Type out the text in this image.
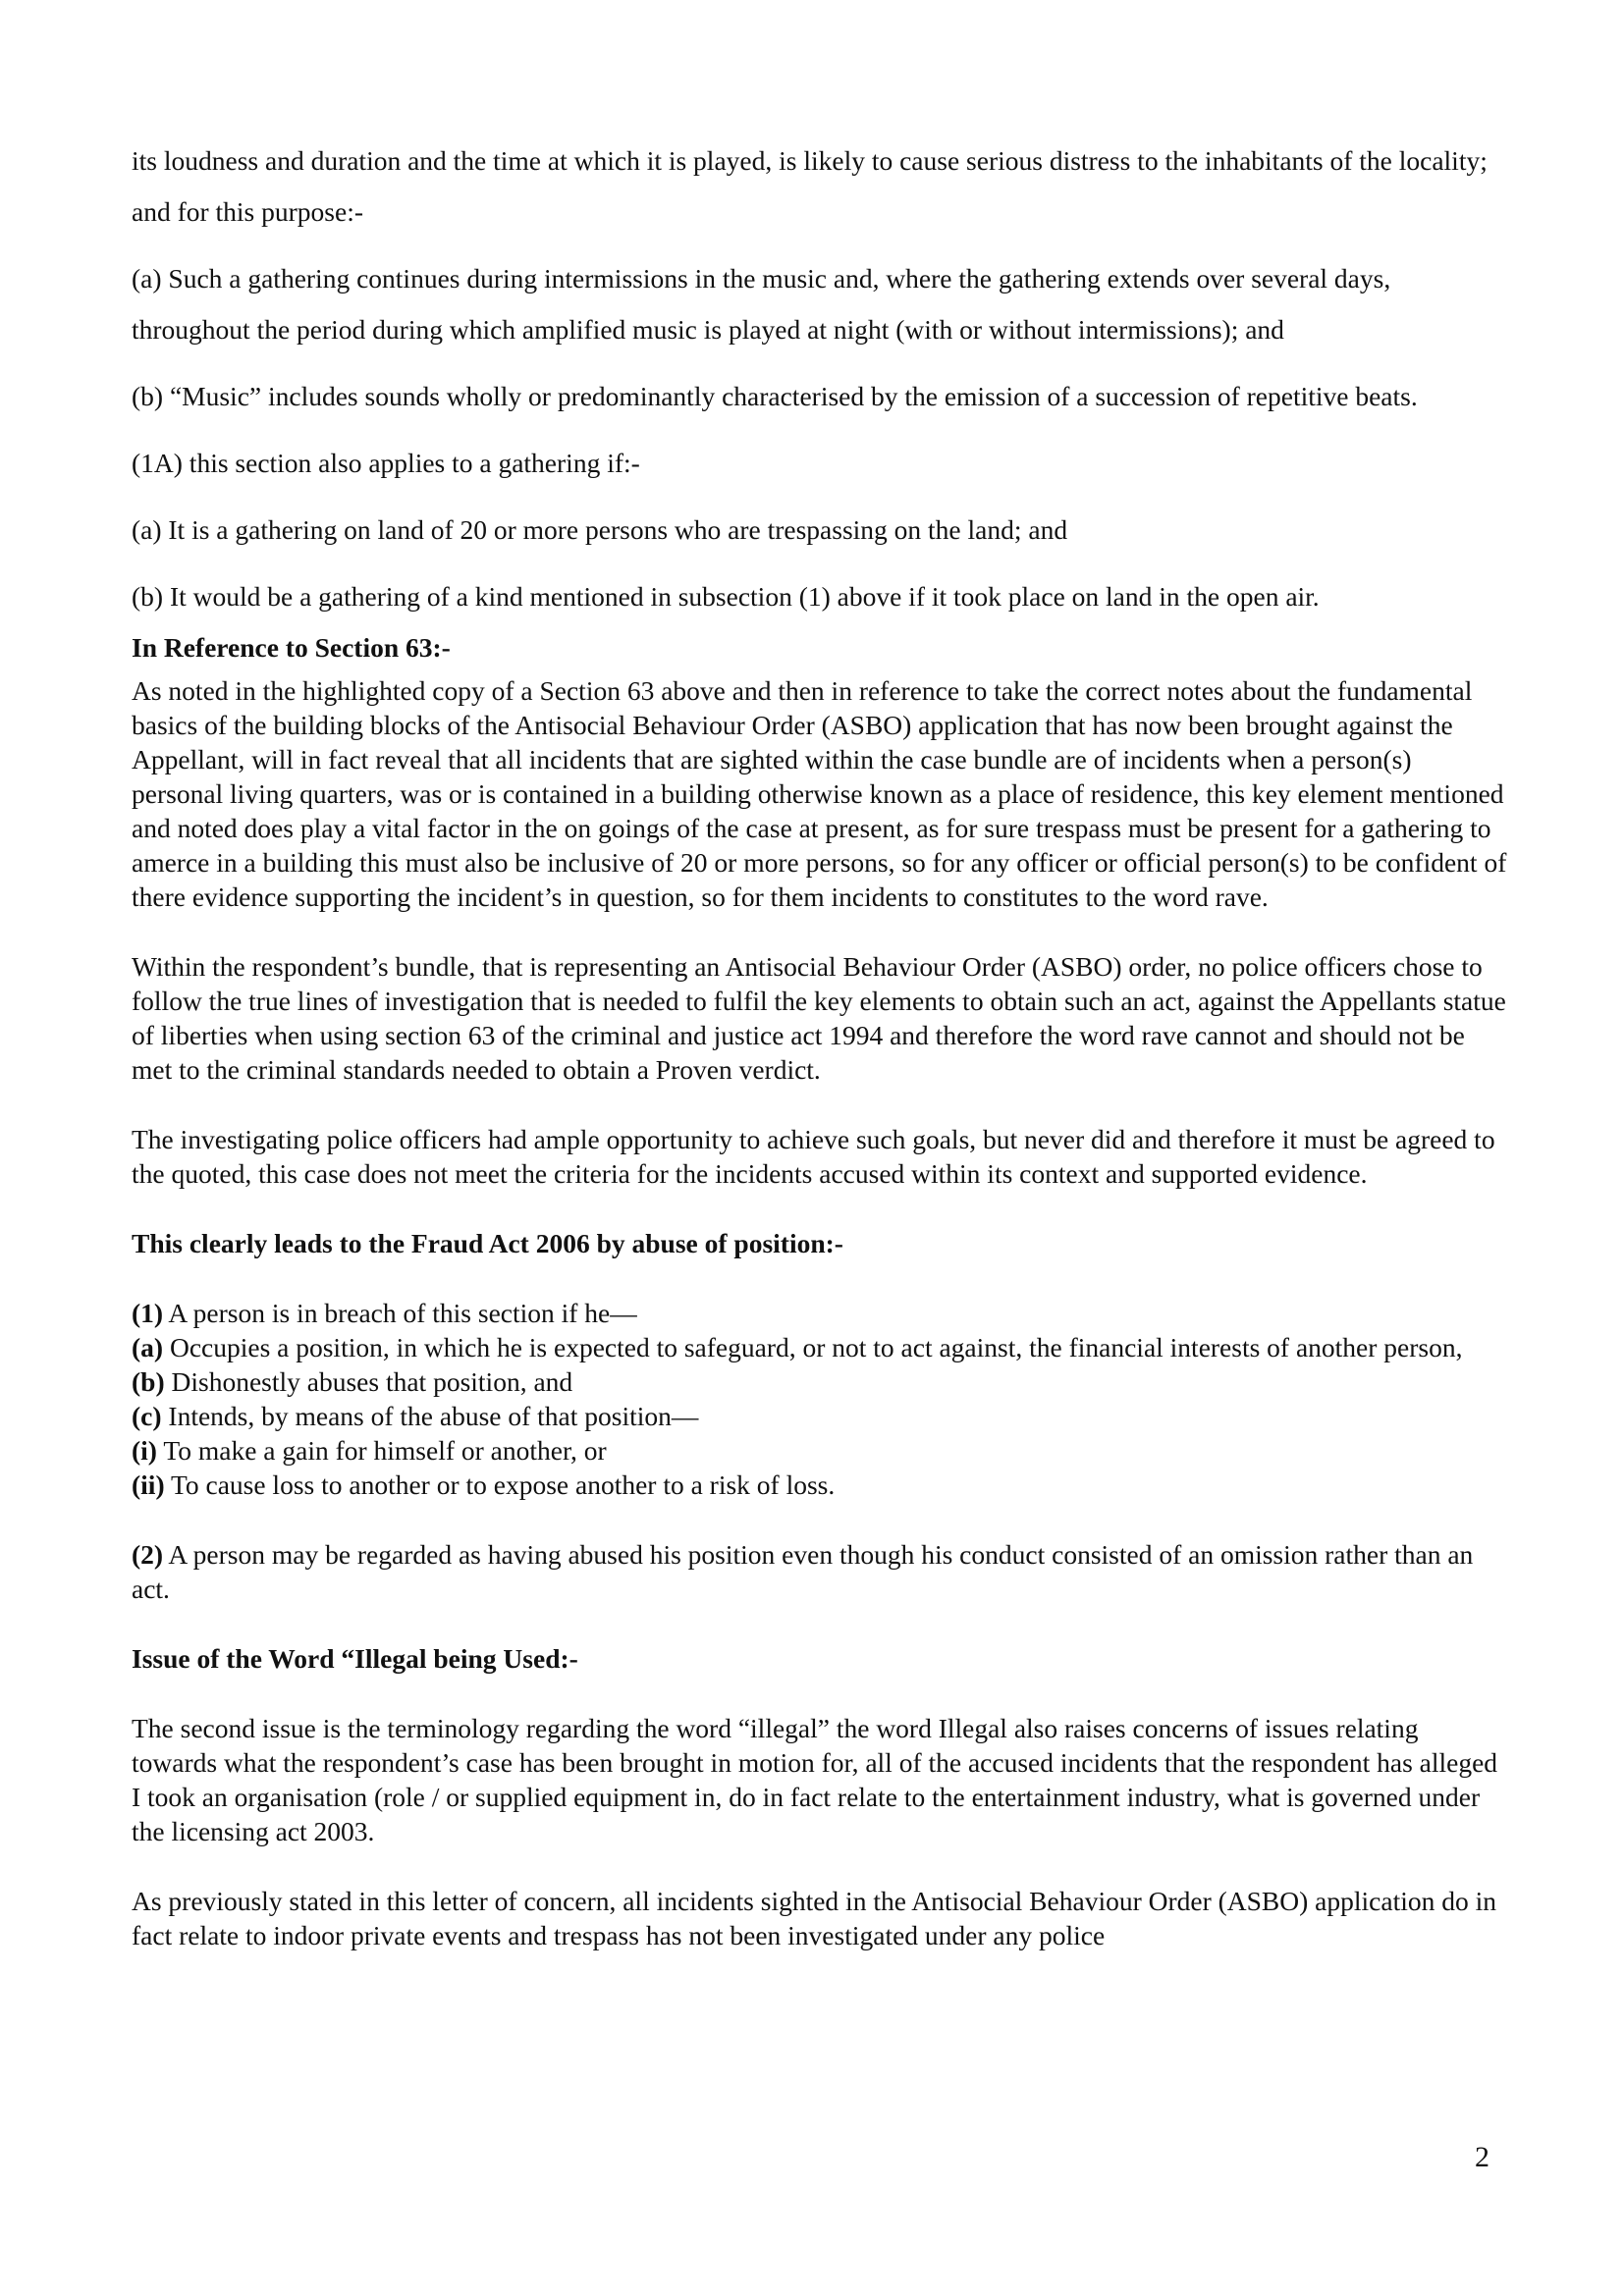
its loudness and duration and the time at which it is played, is likely to cause serious distress to the inhabitants of the locality; and for this purpose:-

(a) Such a gathering continues during intermissions in the music and, where the gathering extends over several days, throughout the period during which amplified music is played at night (with or without intermissions); and

(b) “Music” includes sounds wholly or predominantly characterised by the emission of a succession of repetitive beats.

(1A) this section also applies to a gathering if:-

(a) It is a gathering on land of 20 or more persons who are trespassing on the land; and

(b) It would be a gathering of a kind mentioned in subsection (1) above if it took place on land in the open air.

In Reference to Section 63:-

As noted in the highlighted copy of a Section 63 above and then in reference to take the correct notes about the fundamental basics of the building blocks of the Antisocial Behaviour Order (ASBO) application that has now been brought against the Appellant, will in fact reveal that all incidents that are sighted within the case bundle are of incidents when a person(s) personal living quarters, was or is contained in a building otherwise known as a place of residence, this key element mentioned and noted does play a vital factor in the on goings of the case at present, as for sure trespass must be present for a gathering to amerce in a building this must also be inclusive of 20 or more persons, so for any officer or official person(s) to be confident of there evidence supporting the incident’s in question, so for them incidents to constitutes to the word rave.

Within the respondent’s bundle, that is representing an Antisocial Behaviour Order (ASBO) order, no police officers chose to follow the true lines of investigation that is needed to fulfil the key elements to obtain such an act, against the Appellants statue of liberties when using section 63 of the criminal and justice act 1994 and therefore the word rave cannot and should not be met to the criminal standards needed to obtain a Proven verdict.

The investigating police officers had ample opportunity to achieve such goals, but never did and therefore it must be agreed to the quoted, this case does not meet the criteria for the incidents accused within its context and supported evidence.

This clearly leads to the Fraud Act 2006 by abuse of position:-

(1) A person is in breach of this section if he—
(a) Occupies a position, in which he is expected to safeguard, or not to act against, the financial interests of another person,
(b) Dishonestly abuses that position, and
(c) Intends, by means of the abuse of that position—
(i) To make a gain for himself or another, or
(ii) To cause loss to another or to expose another to a risk of loss.

(2) A person may be regarded as having abused his position even though his conduct consisted of an omission rather than an act.

Issue of the Word “Illegal being Used:-

The second issue is the terminology regarding the word “illegal” the word Illegal also raises concerns of issues relating towards what the respondent’s case has been brought in motion for, all of the accused incidents that the respondent has alleged I took an organisation (role / or supplied equipment in, do in fact relate to the entertainment industry, what is governed under the licensing act 2003.

As previously stated in this letter of concern, all incidents sighted in the Antisocial Behaviour Order (ASBO) application do in fact relate to indoor private events and trespass has not been investigated under any police

2
